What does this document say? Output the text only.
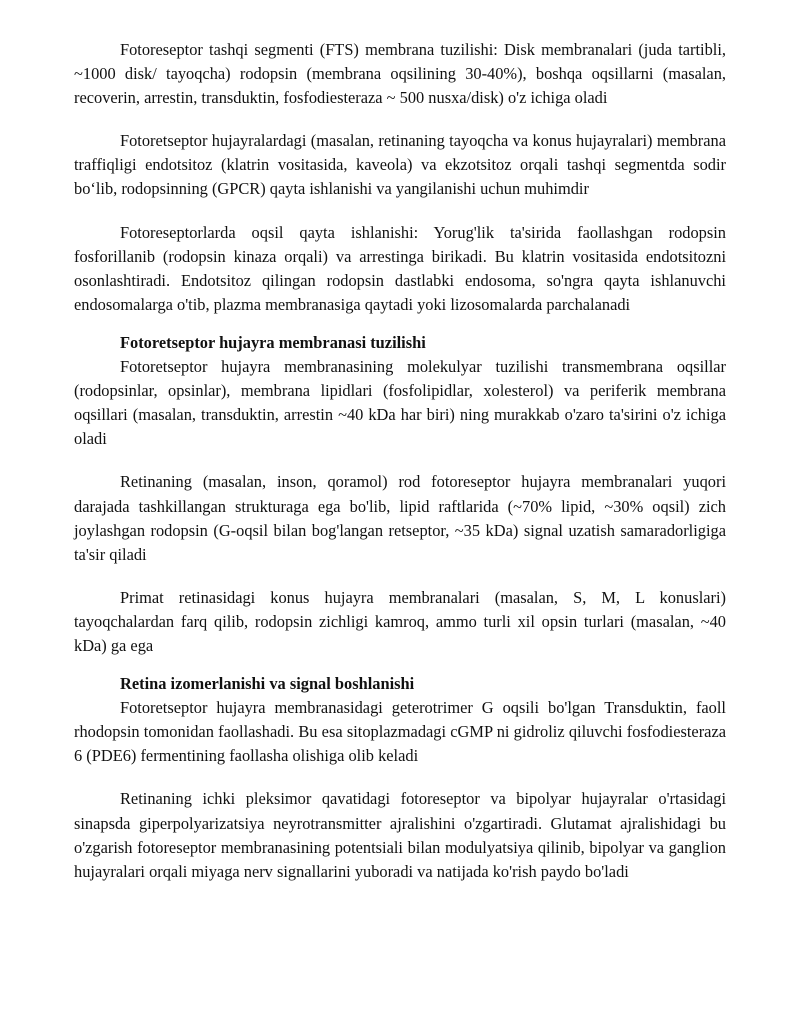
Fotoreseptor tashqi segmenti (FTS) membrana tuzilishi: Disk membranalari (juda tartibli, ~1000 disk/ tayoqcha) rodopsin (membrana oqsilining 30-40%), boshqa oqsillarni (masalan, recoverin, arrestin, transduktin, fosfodiesteraza ~ 500 nusxa/disk) o'z ichiga oladi

Fotoretseptor hujayralardagi (masalan, retinaning tayoqcha va konus hujayralari) membrana traffiqligi endotsitoz (klatrin vositasida, kaveola) va ekzotsitoz orqali tashqi segmentda sodir bo‘lib, rodopsinning (GPCR) qayta ishlanishi va yangilanishi uchun muhimdir

Fotoreseptorlarda oqsil qayta ishlanishi: Yorug'lik ta'sirida faollashgan rodopsin fosforillanib (rodopsin kinaza orqali) va arrestinga birikadi. Bu klatrin vositasida endotsitozni osonlashtiradi. Endotsitoz qilingan rodopsin dastlabki endosoma, so'ngra qayta ishlanuvchi endosomalarga o'tib, plazma membranasiga qaytadi yoki lizosomalarda parchalanadi

Fotoretseptor hujayra membranasi tuzilishi

Fotoretseptor hujayra membranasining molekulyar tuzilishi transmembrana oqsillar (rodopsinlar, opsinlar), membrana lipidlari (fosfolipidlar, xolesterol) va periferik membrana oqsillari (masalan, transduktin, arrestin ~40 kDa har biri) ning murakkab o'zaro ta'sirini o'z ichiga oladi

Retinaning (masalan, inson, qoramol) rod fotoreseptor hujayra membranalari yuqori darajada tashkillangan strukturaga ega bo'lib, lipid raftlarida (~70% lipid, ~30% oqsil) zich joylashgan rodopsin (G-oqsil bilan bog'langan retseptor, ~35 kDa) signal uzatish samaradorligiga ta'sir qiladi

Primat retinasidagi konus hujayra membranalari (masalan, S, M, L konuslari) tayoqchalardan farq qilib, rodopsin zichligi kamroq, ammo turli xil opsin turlari (masalan, ~40 kDa) ga ega

Retina izomerlanishi va signal boshlanishi

Fotoretseptor hujayra membranasidagi geterotrimer G oqsili bo'lgan Transduktin, faoll rhodopsin tomonidan faollashadi. Bu esa sitoplazmadagi cGMP ni gidroliz qiluvchi fosfodiesteraza 6 (PDE6) fermentining faollasha olishiga olib keladi

Retinaning ichki pleksimor qavatidagi fotoreseptor va bipolyar hujayralar o'rtasidagi sinapsda giperpolyarizatsiya neyrotransmitter ajralishini o'zgartiradi. Glutamat ajralishidagi bu o'zgarish fotoreseptor membranasining potentsiali bilan modulyatsiya qilinib, bipolyar va ganglion hujayralari orqali miyaga nerv signallarini yuboradi va natijada ko'rish paydo bo'ladi
